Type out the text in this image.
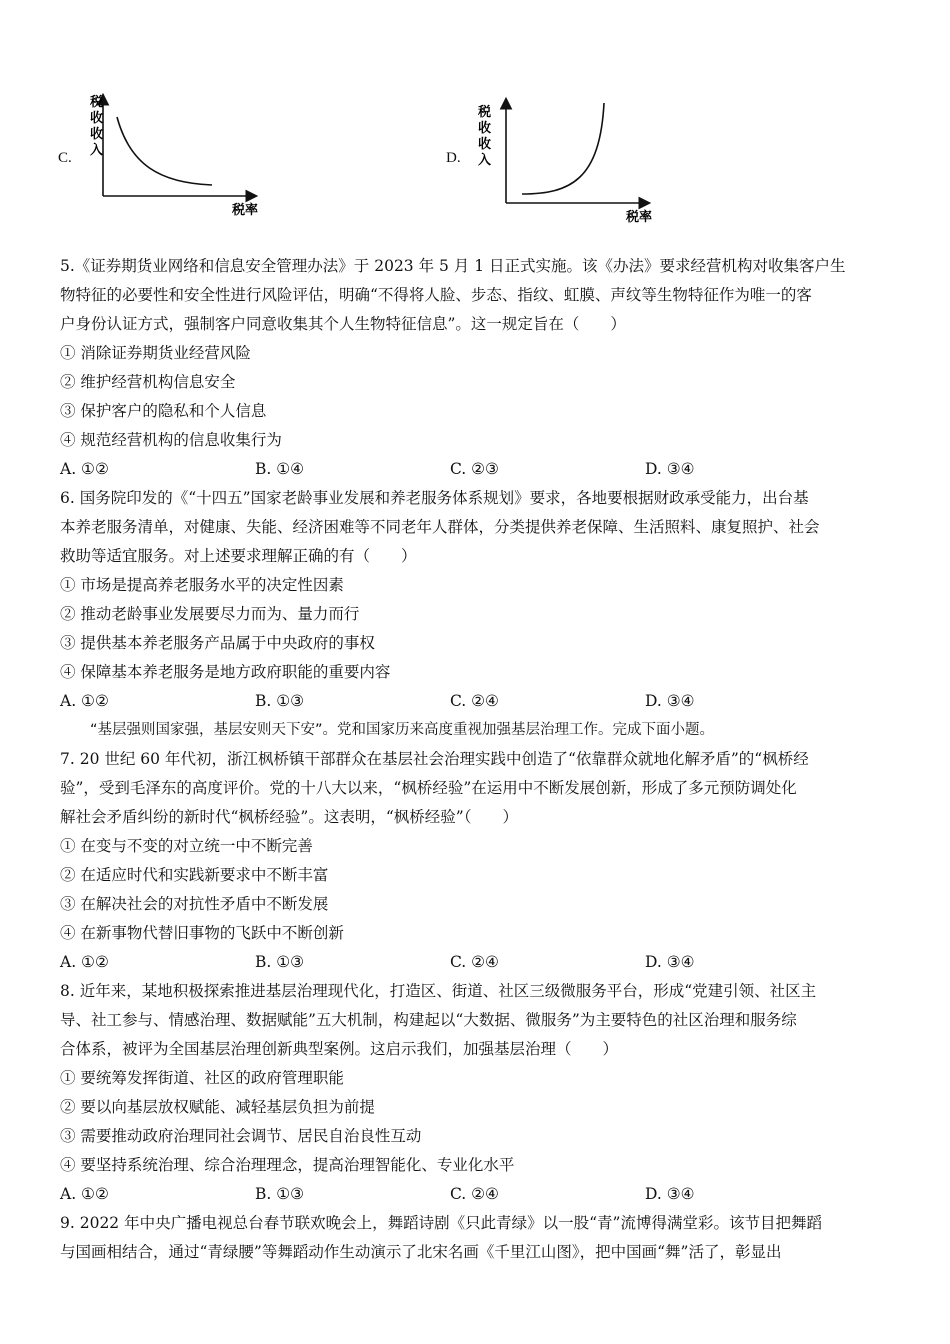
C.	D.
税
收
收
入
税率
税
收
收
入
税率
5.《证券期货业网络和信息安全管理办法》于 2023 年 5 月 1 日正式实施。该《办法》要求经营机构对收集客户生
物特征的必要性和安全性进行风险评估，明确“不得将人脸、步态、指纹、虹膜、声纹等生物特征作为唯一的客
户身份认证方式，强制客户同意收集其个人生物特征信息”。这一规定旨在（　　）
① 消除证券期货业经营风险
② 维护经营机构信息安全
③ 保护客户的隐私和个人信息
④ 规范经营机构的信息收集行为
A. ①②	B. ①④	C. ②③	D. ③④
6. 国务院印发的《“十四五”国家老龄事业发展和养老服务体系规划》要求，各地要根据财政承受能力，出台基
本养老服务清单，对健康、失能、经济困难等不同老年人群体，分类提供养老保障、生活照料、康复照护、社会
救助等适宜服务。对上述要求理解正确的有（　　）
① 市场是提高养老服务水平的决定性因素
② 推动老龄事业发展要尽力而为、量力而行
③ 提供基本养老服务产品属于中央政府的事权
④ 保障基本养老服务是地方政府职能的重要内容
A. ①②	B. ①③	C. ②④	D. ③④
“基层强则国家强，基层安则天下安”。党和国家历来高度重视加强基层治理工作。完成下面小题。
7. 20 世纪 60 年代初，浙江枫桥镇干部群众在基层社会治理实践中创造了“依靠群众就地化解矛盾”的“枫桥经
验”，受到毛泽东的高度评价。党的十八大以来，“枫桥经验”在运用中不断发展创新，形成了多元预防调处化
解社会矛盾纠纷的新时代“枫桥经验”。这表明，“枫桥经验”（　　）
① 在变与不变的对立统一中不断完善
② 在适应时代和实践新要求中不断丰富
③ 在解决社会的对抗性矛盾中不断发展
④ 在新事物代替旧事物的飞跃中不断创新
A. ①②	B. ①③	C. ②④	D. ③④
8. 近年来，某地积极探索推进基层治理现代化，打造区、街道、社区三级微服务平台，形成“党建引领、社区主
导、社工参与、情感治理、数据赋能”五大机制，构建起以“大数据、微服务”为主要特色的社区治理和服务综
合体系，被评为全国基层治理创新典型案例。这启示我们，加强基层治理（　　）
① 要统筹发挥街道、社区的政府管理职能
② 要以向基层放权赋能、减轻基层负担为前提
③ 需要推动政府治理同社会调节、居民自治良性互动
④ 要坚持系统治理、综合治理理念，提高治理智能化、专业化水平
A. ①②	B. ①③	C. ②④	D. ③④
9. 2022 年中央广播电视总台春节联欢晚会上，舞蹈诗剧《只此青绿》以一股“青”流博得满堂彩。该节目把舞蹈
与国画相结合，通过“青绿腰”等舞蹈动作生动演示了北宋名画《千里江山图》，把中国画“舞”活了，彰显出
